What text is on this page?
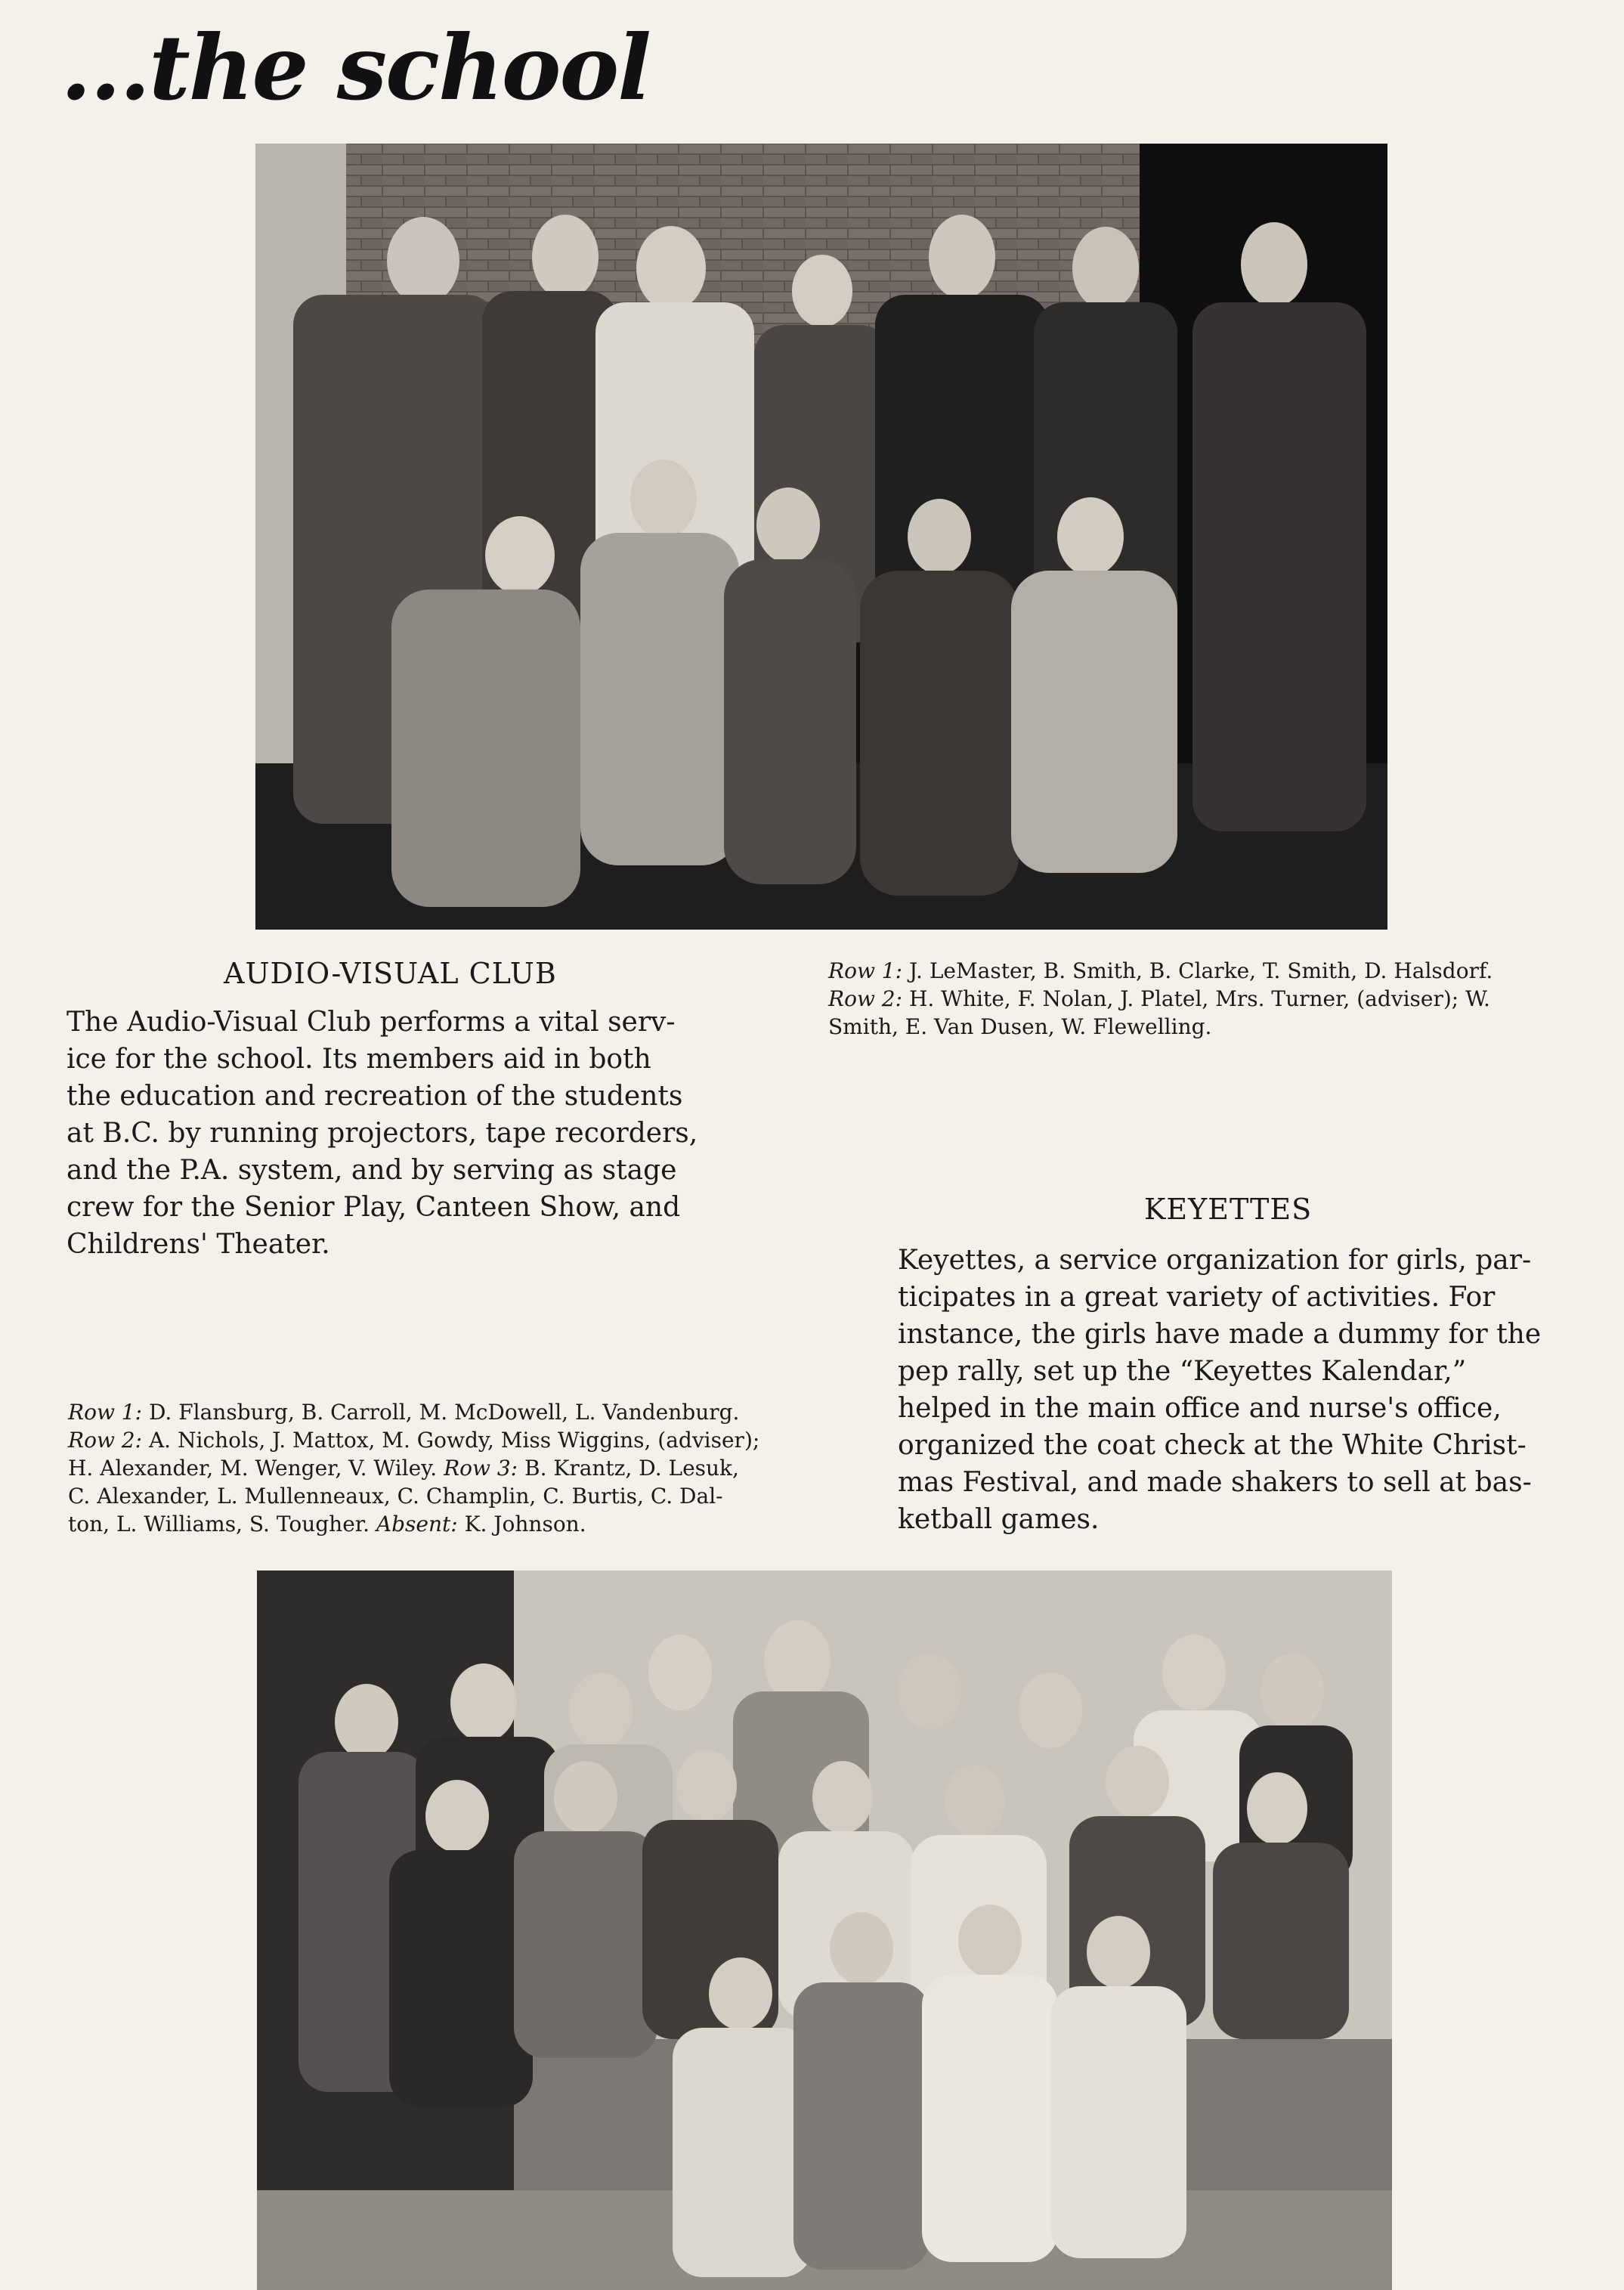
...the school
AUDIO-VISUAL CLUB	Row 1: J. LeMaster, B. Smith, B. Clarke, T. Smith, D. Halsdorf.
Row 2: H. White, F. Nolan, J. Platel, Mrs. Turner, (adviser); W.
Smith, E. Van Dusen, W. Flewelling.

The Audio-Visual Club performs a vital serv-
ice for the school. Its members aid in both
the education and recreation of the students
at B.C. by running projectors, tape recorders,
and the P.A. system, and by serving as stage
crew for the Senior Play, Canteen Show, and
Childrens' Theater.

KEYETTES

Keyettes, a service organization for girls, par-
ticipates in a great variety of activities. For
instance, the girls have made a dummy for the
pep rally, set up the “Keyettes Kalendar,”
helped in the main office and nurse's office,
organized the coat check at the White Christ-
mas Festival, and made shakers to sell at bas-
ketball games.

Row 1: D. Flansburg, B. Carroll, M. McDowell, L. Vandenburg.
Row 2: A. Nichols, J. Mattox, M. Gowdy, Miss Wiggins, (adviser);
H. Alexander, M. Wenger, V. Wiley. Row 3: B. Krantz, D. Lesuk,
C. Alexander, L. Mullenneaux, C. Champlin, C. Burtis, C. Dal-
ton, L. Williams, S. Tougher. Absent: K. Johnson.
